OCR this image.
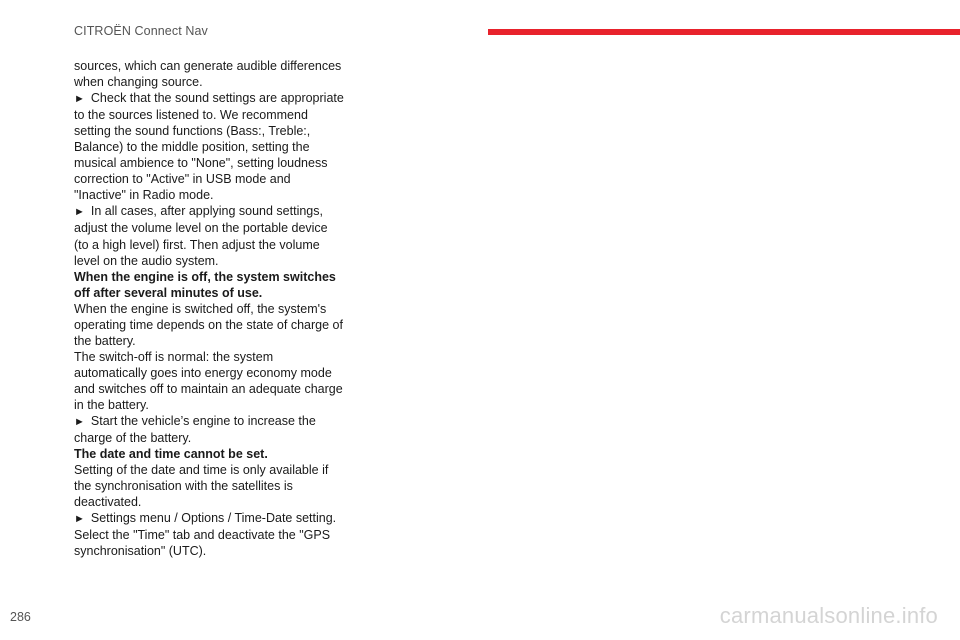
CITROËN Connect Nav

sources, which can generate audible differences when changing source.

► Check that the sound settings are appropriate to the sources listened to. We recommend setting the sound functions (Bass:, Treble:, Balance) to the middle position, setting the musical ambience to "None", setting loudness correction to "Active" in USB mode and "Inactive" in Radio mode.

► In all cases, after applying sound settings, adjust the volume level on the portable device (to a high level) first. Then adjust the volume level on the audio system.

When the engine is off, the system switches off after several minutes of use.

When the engine is switched off, the system's operating time depends on the state of charge of the battery.

The switch-off is normal: the system automatically goes into energy economy mode and switches off to maintain an adequate charge in the battery.

► Start the vehicle’s engine to increase the charge of the battery.

The date and time cannot be set.

Setting of the date and time is only available if the synchronisation with the satellites is deactivated.

► Settings menu / Options / Time-Date setting.

Select the "Time" tab and deactivate the "GPS synchronisation" (UTC).

286	carmanualsonline.info
